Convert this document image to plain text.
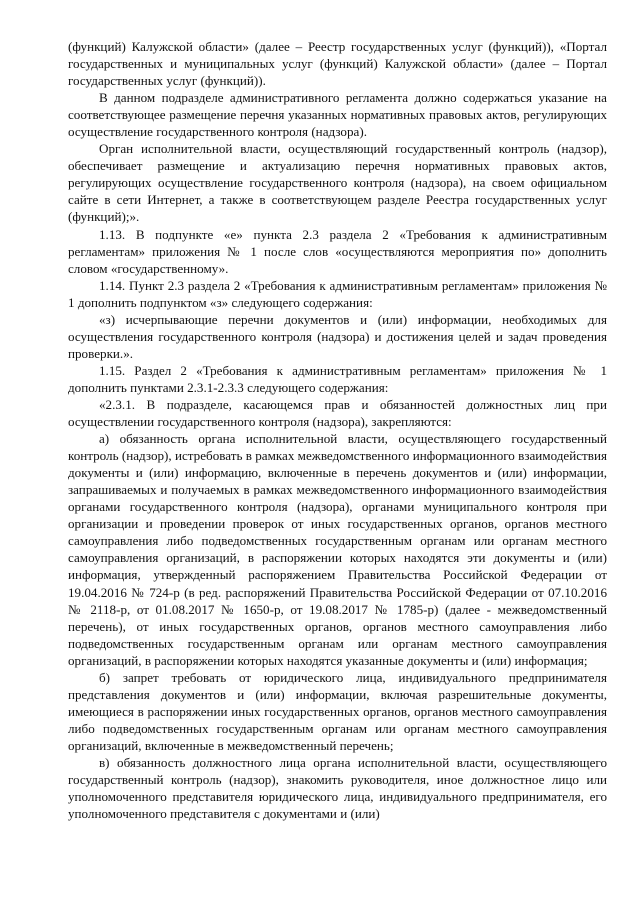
(функций) Калужской области» (далее – Реестр государственных услуг (функций)), «Портал государственных и муниципальных услуг (функций) Калужской области» (далее – Портал государственных услуг (функций)).

В данном подразделе административного регламента должно содержаться указание на соответствующее размещение перечня указанных нормативных правовых актов, регулирующих осуществление государственного контроля (надзора).

Орган исполнительной власти, осуществляющий государственный контроль (надзор), обеспечивает размещение и актуализацию перечня нормативных правовых актов, регулирующих осуществление государственного контроля (надзора), на своем официальном сайте в сети Интернет, а также в соответствующем разделе Реестра государственных услуг (функций);».

1.13. В подпункте «е» пункта 2.3 раздела 2 «Требования к административным регламентам» приложения № 1 после слов «осуществляются мероприятия по» дополнить словом «государственному».

1.14. Пункт 2.3 раздела 2 «Требования к административным регламентам» приложения № 1 дополнить подпунктом «з» следующего содержания:

«з) исчерпывающие перечни документов и (или) информации, необходимых для осуществления государственного контроля (надзора) и достижения целей и задач проведения проверки.».

1.15. Раздел 2 «Требования к административным регламентам» приложения № 1 дополнить пунктами 2.3.1-2.3.3 следующего содержания:

«2.3.1. В подразделе, касающемся прав и обязанностей должностных лиц при осуществлении государственного контроля (надзора), закрепляются:

а) обязанность органа исполнительной власти, осуществляющего государственный контроль (надзор), истребовать в рамках межведомственного информационного взаимодействия документы и (или) информацию, включенные в перечень документов и (или) информации, запрашиваемых и получаемых в рамках межведомственного информационного взаимодействия органами государственного контроля (надзора), органами муниципального контроля при организации и проведении проверок от иных государственных органов, органов местного самоуправления либо подведомственных государственным органам или органам местного самоуправления организаций, в распоряжении которых находятся эти документы и (или) информация, утвержденный распоряжением Правительства Российской Федерации от 19.04.2016 № 724-р (в ред. распоряжений Правительства Российской Федерации от 07.10.2016 № 2118-р, от 01.08.2017 № 1650-р, от 19.08.2017 № 1785-р) (далее - межведомственный перечень), от иных государственных органов, органов местного самоуправления либо подведомственных государственным органам или органам местного самоуправления организаций, в распоряжении которых находятся указанные документы и (или) информация;

б) запрет требовать от юридического лица, индивидуального предпринимателя представления документов и (или) информации, включая разрешительные документы, имеющиеся в распоряжении иных государственных органов, органов местного самоуправления либо подведомственных государственным органам или органам местного самоуправления организаций, включенные в межведомственный перечень;

в) обязанность должностного лица органа исполнительной власти, осуществляющего государственный контроль (надзор), знакомить руководителя, иное должностное лицо или уполномоченного представителя юридического лица, индивидуального предпринимателя, его уполномоченного представителя с документами и (или)
